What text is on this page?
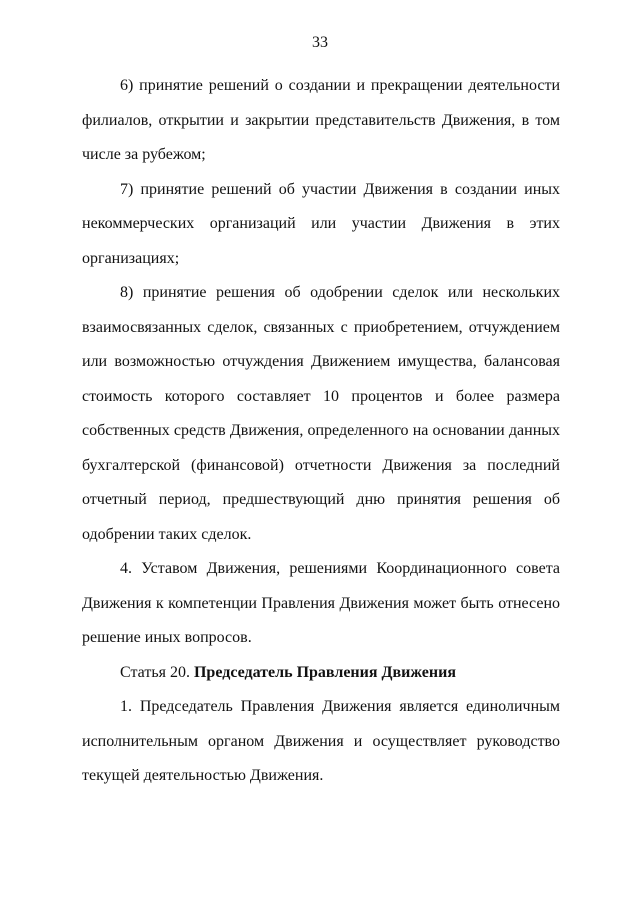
33

6) принятие решений о создании и прекращении деятельности филиалов, открытии и закрытии представительств Движения, в том числе за рубежом;

7) принятие решений об участии Движения в создании иных некоммерческих организаций или участии Движения в этих организациях;

8) принятие решения об одобрении сделок или нескольких взаимосвязанных сделок, связанных с приобретением, отчуждением или возможностью отчуждения Движением имущества, балансовая стоимость которого составляет 10 процентов и более размера собственных средств Движения, определенного на основании данных бухгалтерской (финансовой) отчетности Движения за последний отчетный период, предшествующий дню принятия решения об одобрении таких сделок.

4. Уставом Движения, решениями Координационного совета Движения к компетенции Правления Движения может быть отнесено решение иных вопросов.

Статья 20. Председатель Правления Движения

1. Председатель Правления Движения является единоличным исполнительным органом Движения и осуществляет руководство текущей деятельностью Движения.
